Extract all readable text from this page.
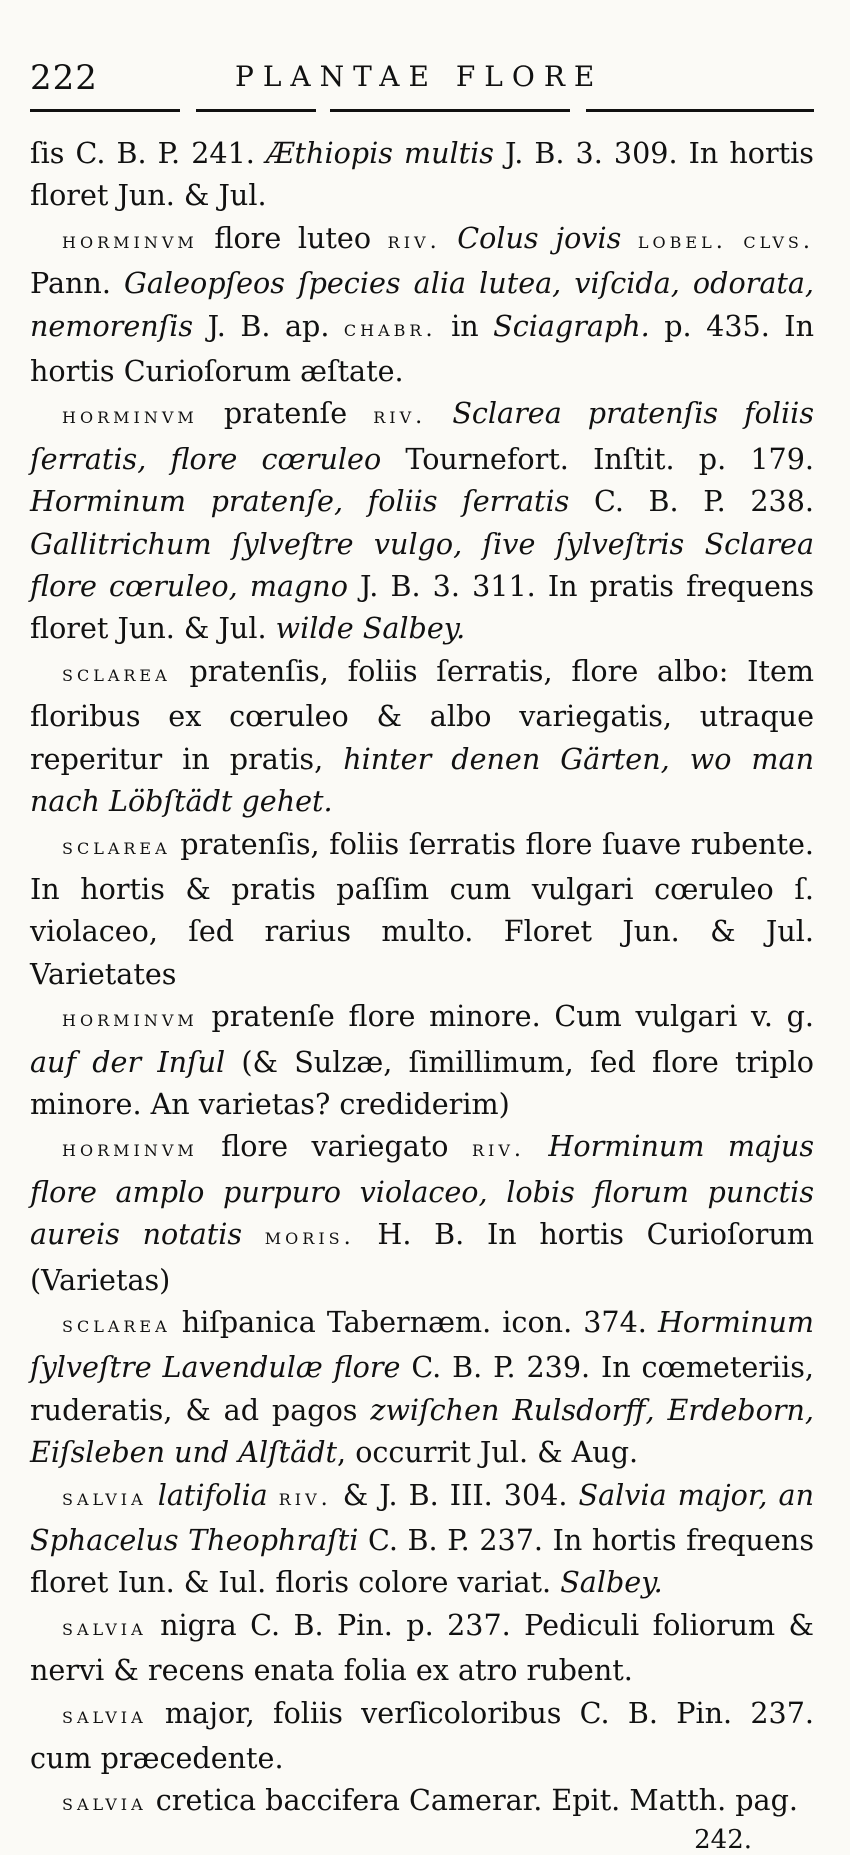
222	PLANTAE FLORE

ſis C. B. P. 241. Æthiopis multis J. B. 3. 309. In hortis floret Jun. & Jul.

horminvm flore luteo riv. Colus jovis lobel. clvs. Pann. Galeopſeos ſpecies alia lutea, viſcida, odorata, nemorenſis J. B. ap. chabr. in Sciagraph. p. 435. In hortis Curioſorum æſtate.

horminvm pratenſe riv. Sclarea pratenſis foliis ſerratis, flore cœruleo Tournefort. Inſtit. p. 179. Horminum pratenſe, foliis ſerratis C. B. P. 238. Gallitrichum ſylveſtre vulgo, ſive ſylveſtris Sclarea flore cœruleo, magno J. B. 3. 311. In pratis frequens floret Jun. & Jul. wilde Salbey.

sclarea pratenſis, foliis ſerratis, flore albo: Item floribus ex cœruleo & albo variegatis, utraque reperitur in pratis, hinter denen Gärten, wo man nach Löbſtädt gehet.

sclarea pratenſis, foliis ſerratis flore ſuave rubente. In hortis & pratis paſſim cum vulgari cœruleo ſ. violaceo, ſed rarius multo. Floret Jun. & Jul. Varietates

horminvm pratenſe flore minore. Cum vulgari v. g. auf der Inſul (& Sulzæ, ſimillimum, ſed flore triplo minore. An varietas? crediderim)

horminvm flore variegato riv. Horminum majus flore amplo purpuro violaceo, lobis florum punctis aureis notatis moris. H. B. In hortis Curioſorum (Varietas)

sclarea hiſpanica Tabernæm. icon. 374. Horminum ſylveſtre Lavendulæ flore C. B. P. 239. In cœmeteriis, ruderatis, & ad pagos zwiſchen Rulsdorff, Erdeborn, Eiſsleben und Alſtädt, occurrit Jul. & Aug.

salvia latifolia riv. & J. B. III. 304. Salvia major, an Sphacelus Theophraſti C. B. P. 237. In hortis frequens floret Iun. & Iul. floris colore variat. Salbey.

salvia nigra C. B. Pin. p. 237. Pediculi foliorum & nervi & recens enata folia ex atro rubent.

salvia major, foliis verſicoloribus C. B. Pin. 237. cum præcedente.

salvia cretica baccifera Camerar. Epit. Matth. pag.

242.
